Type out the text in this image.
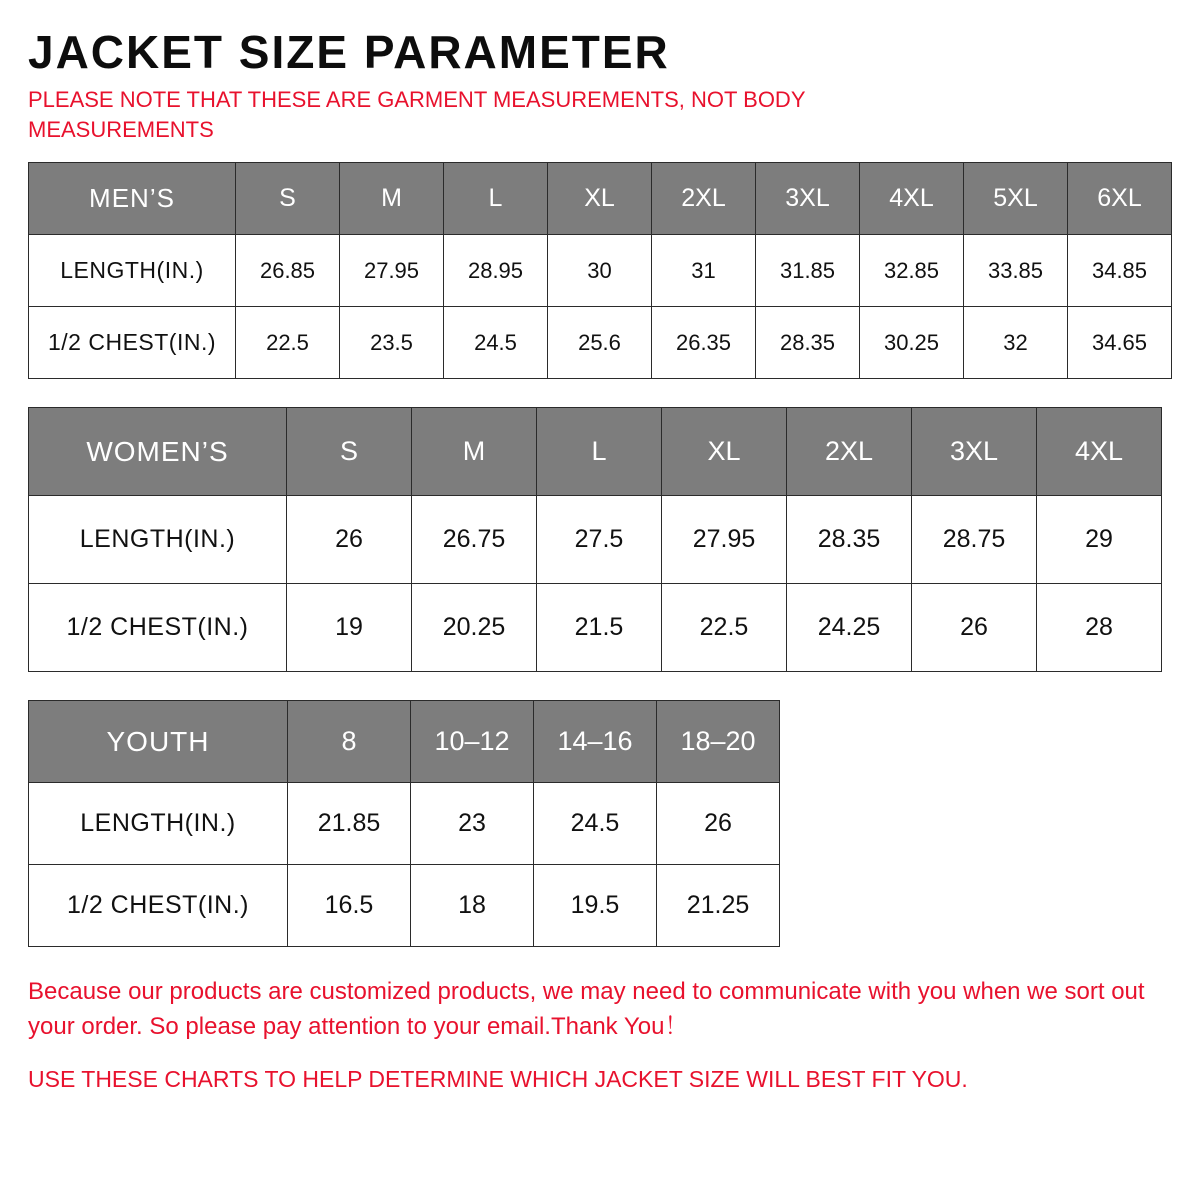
JACKET SIZE PARAMETER

PLEASE NOTE THAT THESE ARE GARMENT MEASUREMENTS, NOT BODY MEASUREMENTS

MEN’S	S	M	L	XL	2XL	3XL	4XL	5XL	6XL
LENGTH(IN.)	26.85	27.95	28.95	30	31	31.85	32.85	33.85	34.85
1/2 CHEST(IN.)	22.5	23.5	24.5	25.6	26.35	28.35	30.25	32	34.65
WOMEN’S	S	M	L	XL	2XL	3XL	4XL
LENGTH(IN.)	26	26.75	27.5	27.95	28.35	28.75	29
1/2 CHEST(IN.)	19	20.25	21.5	22.5	24.25	26	28
YOUTH	8	10–12	14–16	18–20
LENGTH(IN.)	21.85	23	24.5	26
1/2 CHEST(IN.)	16.5	18	19.5	21.25

Because our products are customized products, we may need to communicate with you when we sort out your order. So please pay attention to your email.Thank You！

USE THESE CHARTS TO HELP DETERMINE WHICH JACKET SIZE WILL BEST FIT YOU.
